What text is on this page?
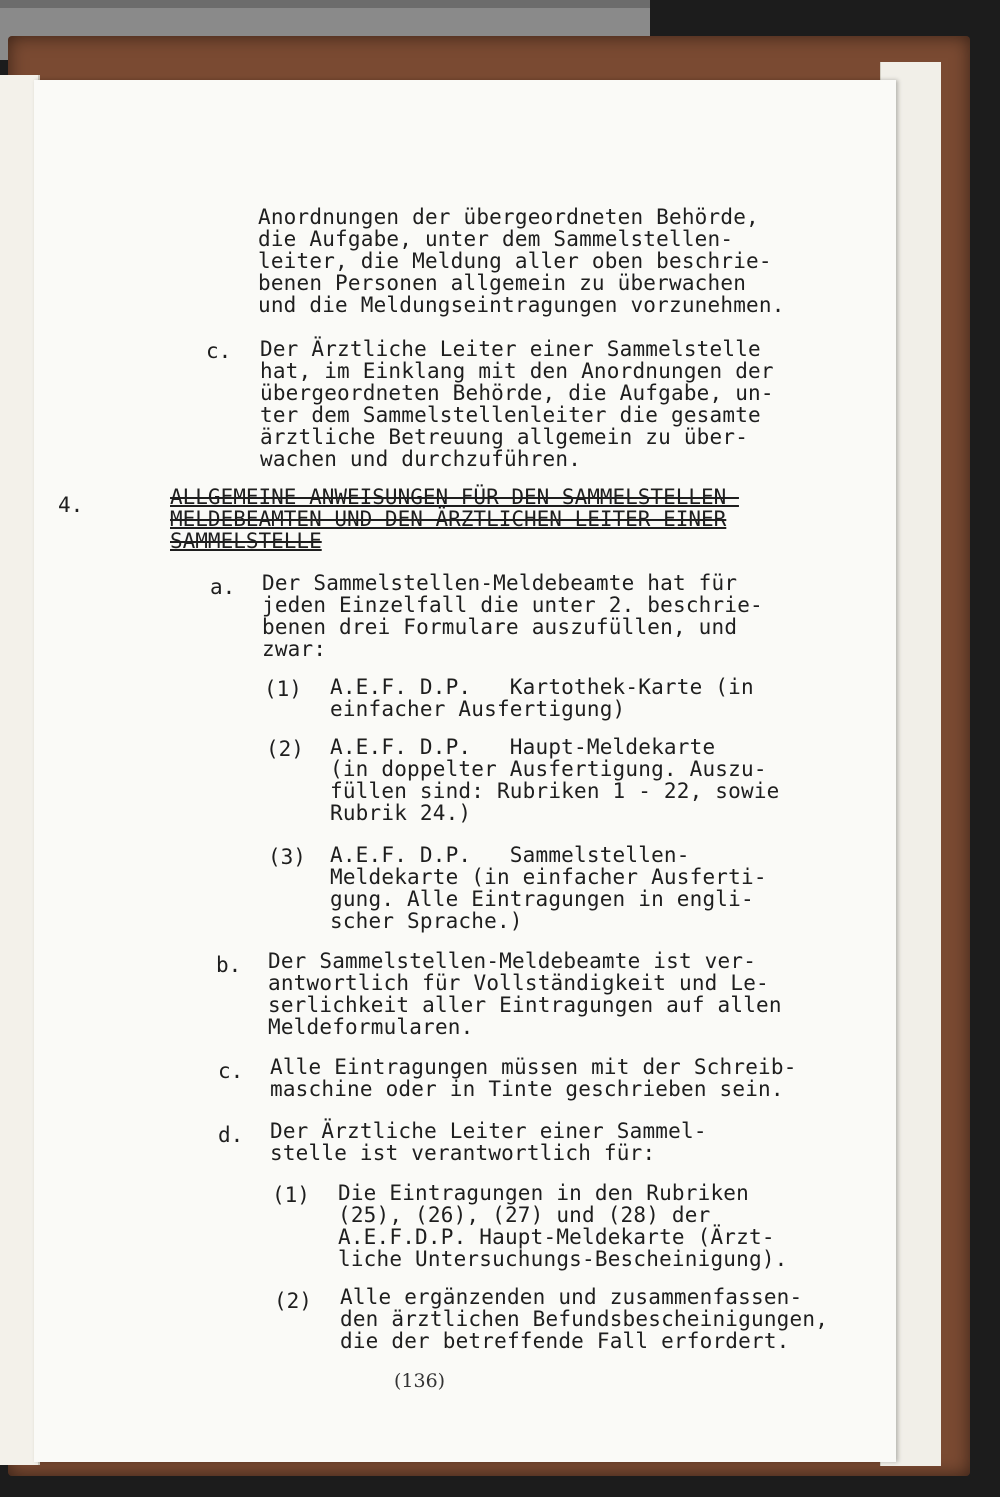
Anordnungen der übergeordneten Behörde,
die Aufgabe, unter dem Sammelstellen-
leiter, die Meldung aller oben beschrie-
benen Personen allgemein zu überwachen
und die Meldungseintragungen vorzunehmen.
c. Der Ärztliche Leiter einer Sammelstelle
hat, im Einklang mit den Anordnungen der
übergeordneten Behörde, die Aufgabe, un-
ter dem Sammelstellenleiter die gesamte
ärztliche Betreuung allgemein zu über-
wachen und durchzuführen.
4.	ALLGEMEINE ANWEISUNGEN FÜR DEN SAMMELSTELLEN-
MELDEBEAMTEN UND DEN ÄRZTLICHEN LEITER EINER
SAMMELSTELLE
a. Der Sammelstellen-Meldebeamte hat für
jeden Einzelfall die unter 2. beschrie-
benen drei Formulare auszufüllen, und
zwar:
(1) A.E.F. D.P.   Kartothek-Karte (in
einfacher Ausfertigung)
(2) A.E.F. D.P.   Haupt-Meldekarte
(in doppelter Ausfertigung. Auszu-
füllen sind: Rubriken 1 - 22, sowie
Rubrik 24.)
(3) A.E.F. D.P.   Sammelstellen-
Meldekarte (in einfacher Ausferti-
gung. Alle Eintragungen in engli-
scher Sprache.)
b. Der Sammelstellen-Meldebeamte ist ver-
antwortlich für Vollständigkeit und Le-
serlichkeit aller Eintragungen auf allen
Meldeformularen.
c. Alle Eintragungen müssen mit der Schreib-
maschine oder in Tinte geschrieben sein.
d. Der Ärztliche Leiter einer Sammel-
stelle ist verantwortlich für:
(1) Die Eintragungen in den Rubriken
(25), (26), (27) und (28) der
A.E.F.D.P. Haupt-Meldekarte (Ärzt-
liche Untersuchungs-Bescheinigung).
(2) Alle ergänzenden und zusammenfassen-
den ärztlichen Befundsbescheinigungen,
die der betreffende Fall erfordert.
(136)
